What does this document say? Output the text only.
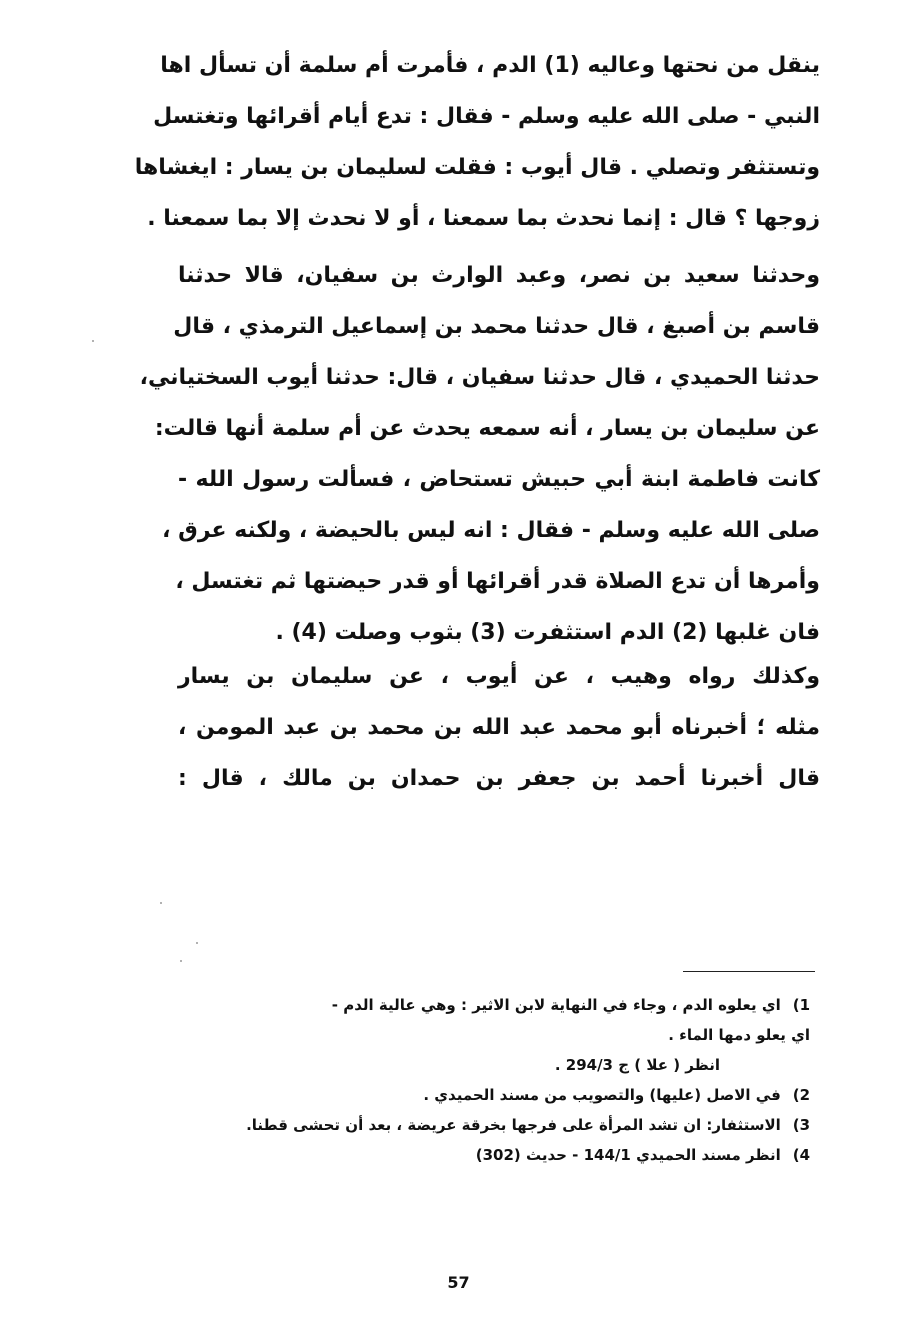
ينقل من نحتها وعاليه (1) الدم ، فأمرت أم سلمة أن تسأل اها
النبي - صلى الله عليه وسلم - فقال : تدع أيام أقرائها وتغتسل
وتستثفر وتصلي . قال أيوب : فقلت لسليمان بن يسار : ايغشاها
زوجها ؟ قال : إنما نحدث بما سمعنا ، أو لا نحدث إلا بما سمعنا .
وحدثنا سعيد بن نصر، وعبد الوارث بن سفيان، قالا حدثنا
قاسم بن أصبغ ، قال حدثنا محمد بن إسماعيل الترمذي ، قال
حدثنا الحميدي ، قال حدثنا سفيان ، قال: حدثنا أيوب السختياني،
عن سليمان بن يسار ، أنه سمعه يحدث عن أم سلمة أنها قالت:
كانت فاطمة ابنة أبي حبيش تستحاض ، فسألت رسول الله -
صلى الله عليه وسلم - فقال : انه ليس بالحيضة ، ولكنه عرق ،
وأمرها أن تدع الصلاة قدر أقرائها أو قدر حيضتها ثم تغتسل ،
فان غلبها (2) الدم استثفرت (3) بثوب وصلت (4) .
وكذلك رواه وهيب ، عن أيوب ، عن سليمان بن يسار
مثله ؛ أخبرناه أبو محمد عبد الله بن محمد بن عبد المومن ،
قال أخبرنا أحمد بن جعفر بن حمدان بن مالك ، قال :
1) اي يعلوه الدم ، وجاء في النهاية لابن الاثير : وهي عالية الدم -
اي يعلو دمها الماء .
انظر ( علا ) ج 294/3 .
2) في الاصل (عليها) والتصويب من مسند الحميدي .
3) الاستثفار: ان تشد المرأة على فرجها بخرقة عريضة ، بعد أن تحشى قطنا.
4) انظر مسند الحميدي 144/1 - حديث (302)
57
